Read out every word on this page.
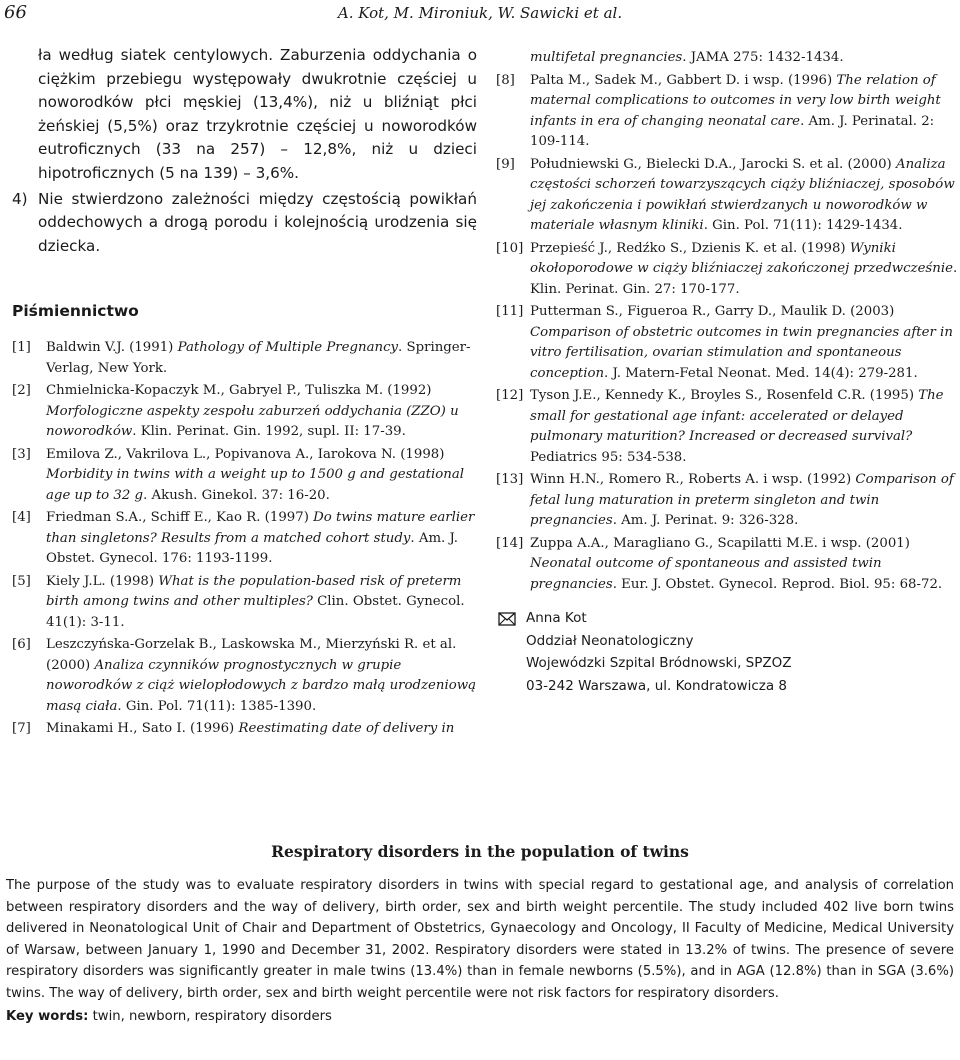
66	A. Kot, M. Mironiuk, W. Sawicki et al.

ła według siatek centylowych. Zaburzenia oddychania o ciężkim przebiegu występowały dwukrotnie częściej u noworodków płci męskiej (13,4%), niż u bliźniąt płci żeńskiej (5,5%) oraz trzykrotnie częściej u noworodków eutroficznych (33 na 257) – 12,8%, niż u dzieci hipotroficznych (5 na 139) – 3,6%.

4) Nie stwierdzono zależności między częstością powikłań oddechowych a drogą porodu i kolejnością urodzenia się dziecka.
Piśmiennictwo
[1]	Baldwin V.J. (1991) Pathology of Multiple Pregnancy. Springer-Verlag, New York.
[2]	Chmielnicka-Kopaczyk M., Gabryel P., Tuliszka M. (1992) Morfologiczne aspekty zespołu zaburzeń oddychania (ZZO) u noworodków. Klin. Perinat. Gin. 1992, supl. II: 17-39.
[3]	Emilova Z., Vakrilova L., Popivanova A., Iarokova N. (1998) Morbidity in twins with a weight up to 1500 g and gestational age up to 32 g. Akush. Ginekol. 37: 16-20.
[4]	Friedman S.A., Schiff E., Kao R. (1997) Do twins mature earlier than singletons? Results from a matched cohort study. Am. J. Obstet. Gynecol. 176: 1193-1199.
[5]	Kiely J.L. (1998) What is the population-based risk of preterm birth among twins and other multiples? Clin. Obstet. Gynecol. 41(1): 3-11.
[6]	Leszczyńska-Gorzelak B., Laskowska M., Mierzyński R. et al. (2000) Analiza czynników prognostycznych w grupie noworodków z ciąż wielopłodowych z bardzo małą urodzeniową masą ciała. Gin. Pol. 71(11): 1385-1390.
[7]	Minakami H., Sato I. (1996) Reestimating date of delivery in
multifetal pregnancies. JAMA 275: 1432-1434.
[8]	Palta M., Sadek M., Gabbert D. i wsp. (1996) The relation of maternal complications to outcomes in very low birth weight infants in era of changing neonatal care. Am. J. Perinatal. 2: 109-114.
[9]	Południewski G., Bielecki D.A., Jarocki S. et al. (2000) Analiza częstości schorzeń towarzyszących ciąży bliźniaczej, sposobów jej zakończenia i powikłań stwierdzanych u noworodków w materiale własnym kliniki. Gin. Pol. 71(11): 1429-1434.
[10] Przepieść J., Redźko S., Dzienis K. et al. (1998) Wyniki okołoporodowe w ciąży bliźniaczej zakończonej przedwcześnie. Klin. Perinat. Gin. 27: 170-177.
[11] Putterman S., Figueroa R., Garry D., Maulik D. (2003) Comparison of obstetric outcomes in twin pregnancies after in vitro fertilisation, ovarian stimulation and spontaneous conception. J. Matern-Fetal Neonat. Med. 14(4): 279-281.
[12] Tyson J.E., Kennedy K., Broyles S., Rosenfeld C.R. (1995) The small for gestational age infant: accelerated or delayed pulmonary maturition? Increased or decreased survival? Pediatrics 95: 534-538.
[13] Winn H.N., Romero R., Roberts A. i wsp. (1992) Comparison of fetal lung maturation in preterm singleton and twin pregnancies. Am. J. Perinat. 9: 326-328.
[14] Zuppa A.A., Maragliano G., Scapilatti M.E. i wsp. (2001) Neonatal outcome of spontaneous and assisted twin pregnancies. Eur. J. Obstet. Gynecol. Reprod. Biol. 95: 68-72.
Anna Kot
Oddział Neonatologiczny
Wojewódzki Szpital Bródnowski, SPZOZ
03-242 Warszawa, ul. Kondratowicza 8
Respiratory disorders in the population of twins

The purpose of the study was to evaluate respiratory disorders in twins with special regard to gestational age, and analysis of correlation between respiratory disorders and the way of delivery, birth order, sex and birth weight percentile. The study included 402 live born twins delivered in Neonatological Unit of Chair and Department of Obstetrics, Gynaecology and Oncology, II Faculty of Medicine, Medical University of Warsaw, between January 1, 1990 and December 31, 2002. Respiratory disorders were stated in 13.2% of twins. The presence of severe respiratory disorders was significantly greater in male twins (13.4%) than in female newborns (5.5%), and in AGA (12.8%) than in SGA (3.6%) twins. The way of delivery, birth order, sex and birth weight percentile were not risk factors for respiratory disorders.

Key words: twin, newborn, respiratory disorders
